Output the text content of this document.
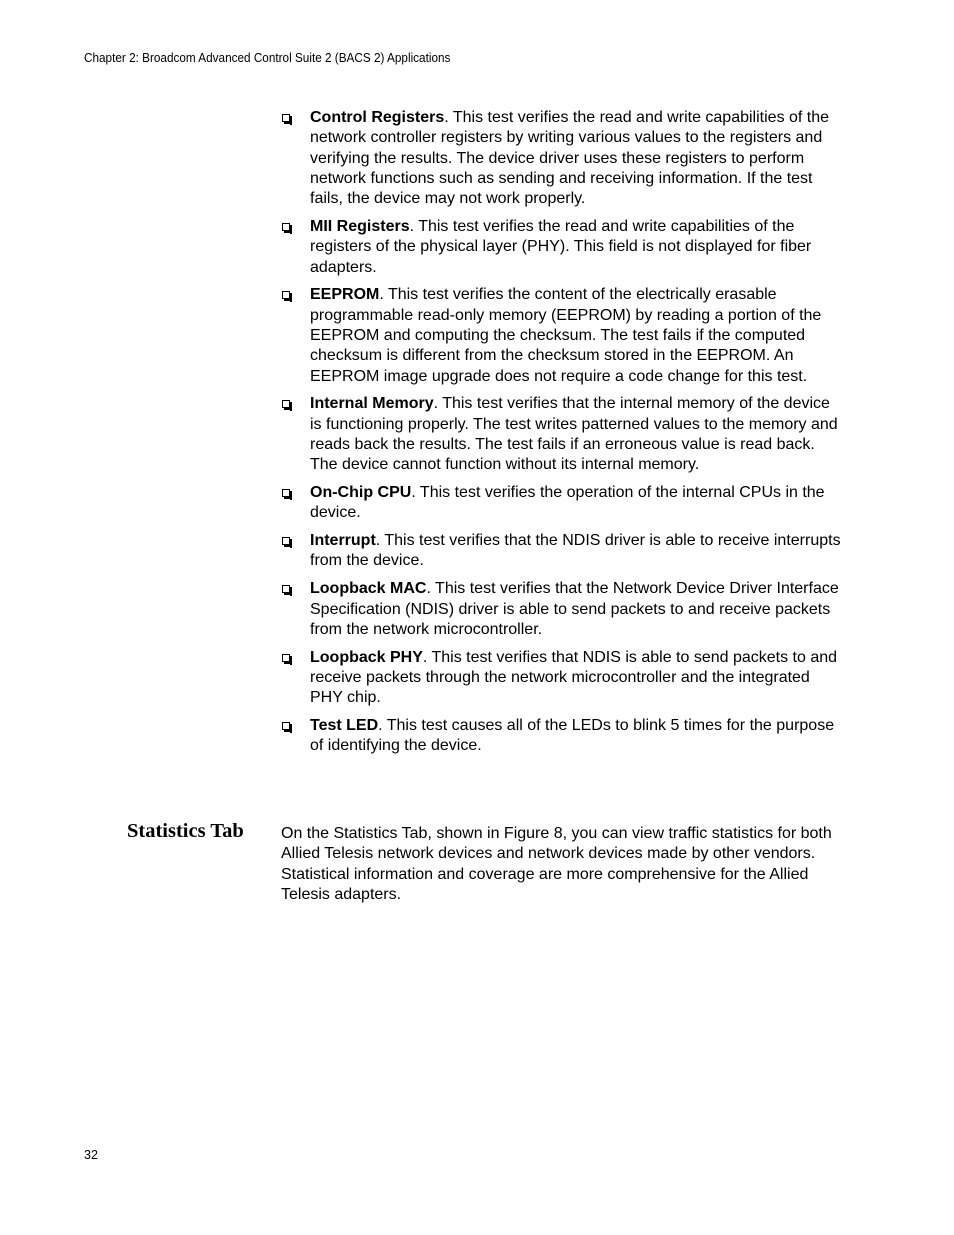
Chapter 2: Broadcom Advanced Control Suite 2 (BACS 2) Applications
Control Registers. This test verifies the read and write capabilities of the network controller registers by writing various values to the registers and verifying the results. The device driver uses these registers to perform network functions such as sending and receiving information. If the test fails, the device may not work properly.
MII Registers. This test verifies the read and write capabilities of the registers of the physical layer (PHY). This field is not displayed for fiber adapters.
EEPROM. This test verifies the content of the electrically erasable programmable read-only memory (EEPROM) by reading a portion of the EEPROM and computing the checksum. The test fails if the computed checksum is different from the checksum stored in the EEPROM. An EEPROM image upgrade does not require a code change for this test.
Internal Memory. This test verifies that the internal memory of the device is functioning properly. The test writes patterned values to the memory and reads back the results. The test fails if an erroneous value is read back. The device cannot function without its internal memory.
On-Chip CPU. This test verifies the operation of the internal CPUs in the device.
Interrupt. This test verifies that the NDIS driver is able to receive interrupts from the device.
Loopback MAC. This test verifies that the Network Device Driver Interface Specification (NDIS) driver is able to send packets to and receive packets from the network microcontroller.
Loopback PHY. This test verifies that NDIS is able to send packets to and receive packets through the network microcontroller and the integrated PHY chip.
Test LED. This test causes all of the LEDs to blink 5 times for the purpose of identifying the device.
Statistics Tab On the Statistics Tab, shown in Figure 8, you can view traffic statistics for both Allied Telesis network devices and network devices made by other vendors. Statistical information and coverage are more comprehensive for the Allied Telesis adapters.

32
